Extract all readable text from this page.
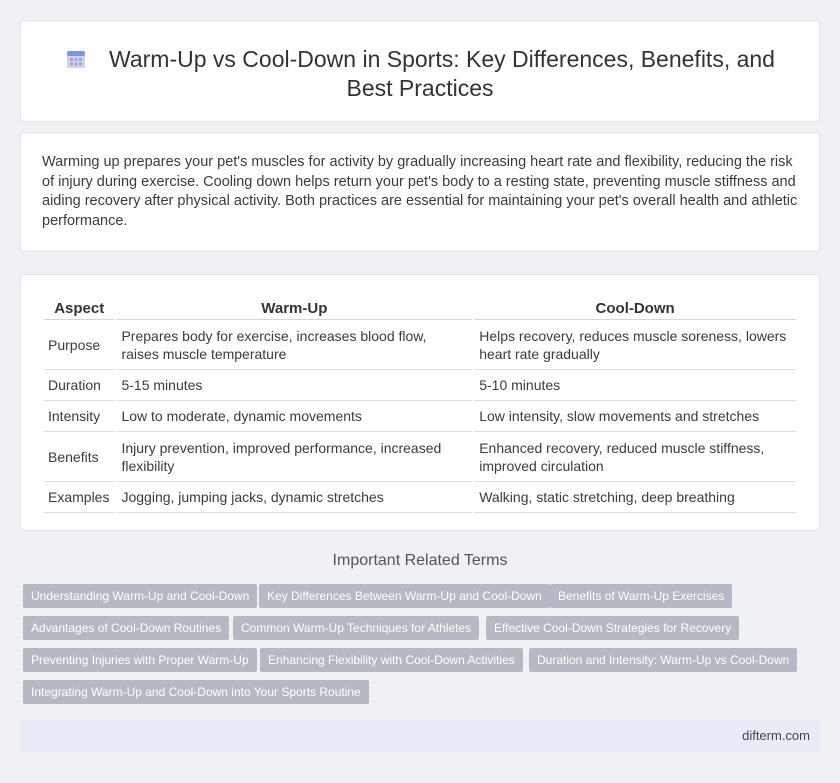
Warm-Up vs Cool-Down in Sports: Key Differences, Benefits, and Best Practices

Warming up prepares your pet's muscles for activity by gradually increasing heart rate and flexibility, reducing the risk of injury during exercise. Cooling down helps return your pet's body to a resting state, preventing muscle stiffness and aiding recovery after physical activity. Both practices are essential for maintaining your pet's overall health and athletic performance.

Aspect	Warm-Up	Cool-Down
Purpose	Prepares body for exercise, increases blood flow, raises muscle temperature	Helps recovery, reduces muscle soreness, lowers heart rate gradually
Duration	5-15 minutes	5-10 minutes
Intensity	Low to moderate, dynamic movements	Low intensity, slow movements and stretches
Benefits	Injury prevention, improved performance, increased flexibility	Enhanced recovery, reduced muscle stiffness, improved circulation
Examples	Jogging, jumping jacks, dynamic stretches	Walking, static stretching, deep breathing
Important Related Terms
Understanding Warm-Up and Cool-Down	Key Differences Between Warm-Up and Cool-Down	Benefits of Warm-Up Exercises
Advantages of Cool-Down Routines	Common Warm-Up Techniques for Athletes	Effective Cool-Down Strategies for Recovery
Preventing Injuries with Proper Warm-Up	Enhancing Flexibility with Cool-Down Activities	Duration and Intensity: Warm-Up vs Cool-Down
Integrating Warm-Up and Cool-Down into Your Sports Routine
difterm.com
